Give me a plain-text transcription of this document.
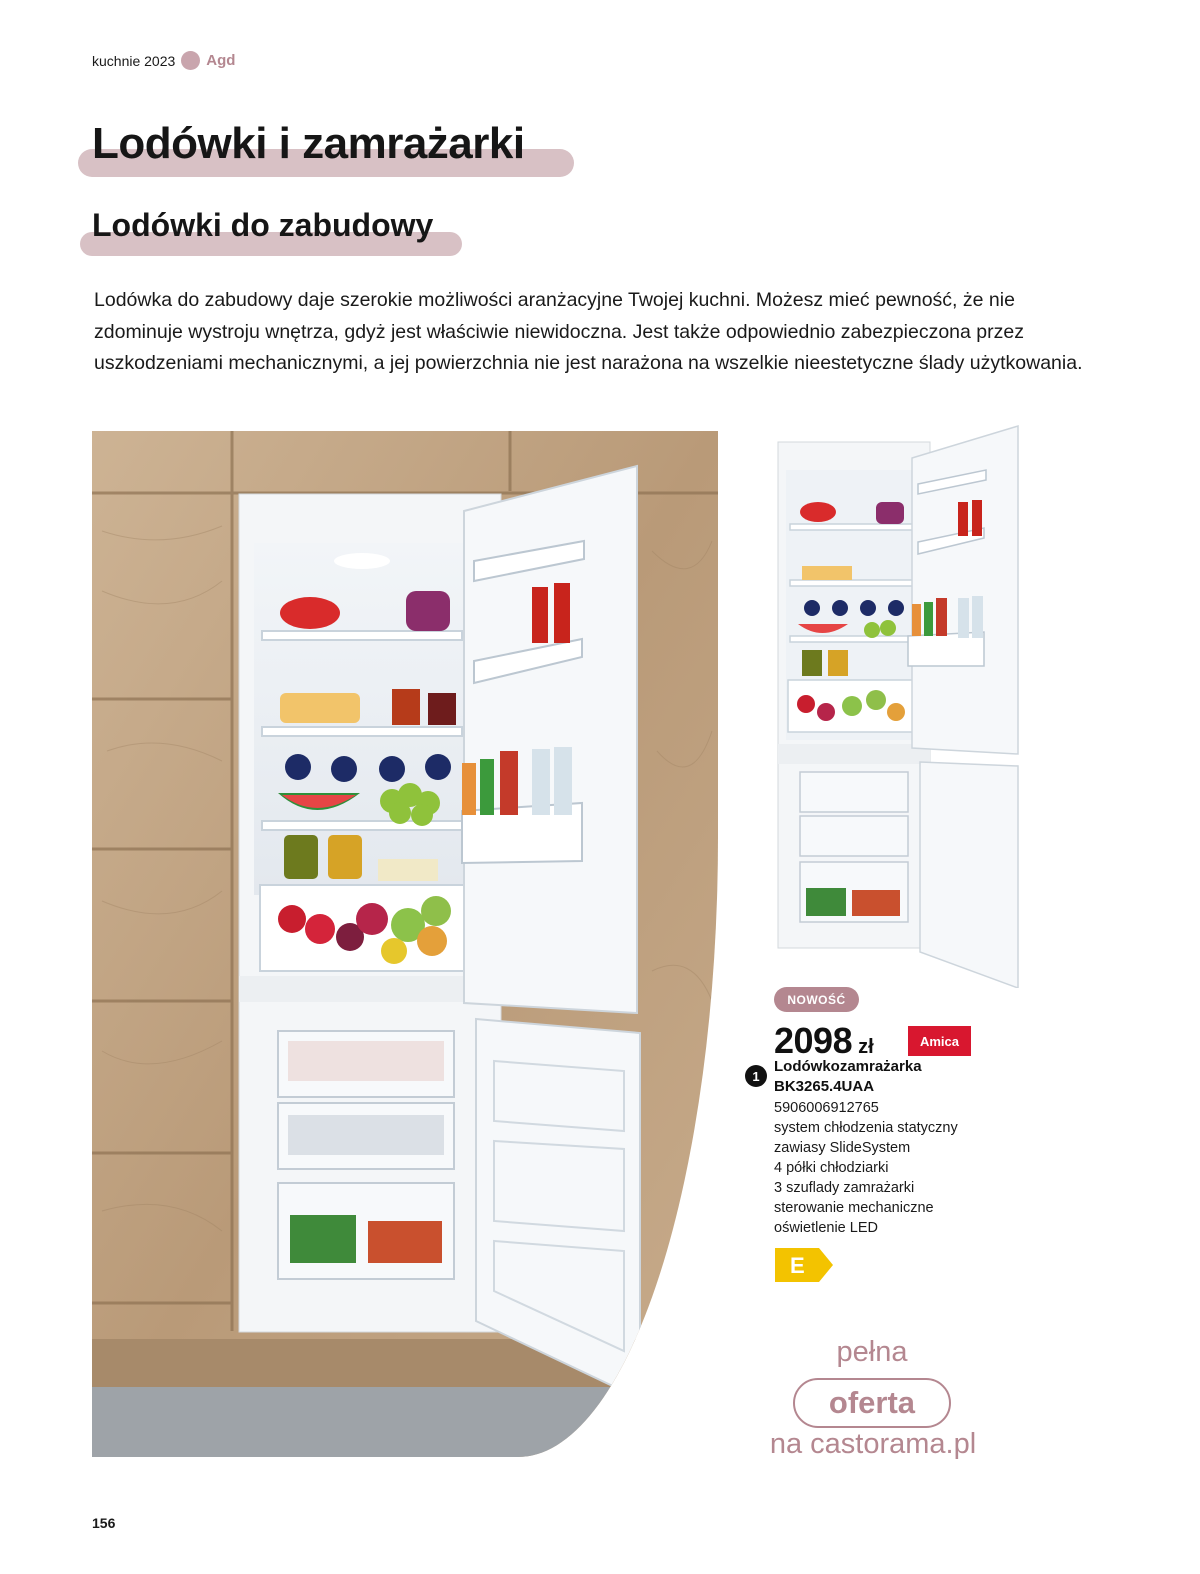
kuchnie 2023 Agd
Lodówki i zamrażarki
Lodówki do zabudowy

Lodówka do zabudowy daje szerokie możliwości aranżacyjne Twojej kuchni. Możesz mieć pewność, że nie zdominuje wystroju wnętrza, gdyż jest właściwie niewidoczna. Jest także odpowiednio zabezpieczona przez uszkodzeniami mechanicznymi, a jej powierzchnia nie jest narażona na wszelkie nieestetyczne ślady użytkowania.

NOWOŚĆ
2098 zł	Amica
1
Lodówkozamrażarka
BK3265.4UAA
5906006912765
system chłodzenia statyczny
zawiasy SlideSystem
4 półki chłodziarki
3 szuflady zamrażarki
sterowanie mechaniczne
oświetlenie LED
E
pełna
oferta
na castorama.pl
156
